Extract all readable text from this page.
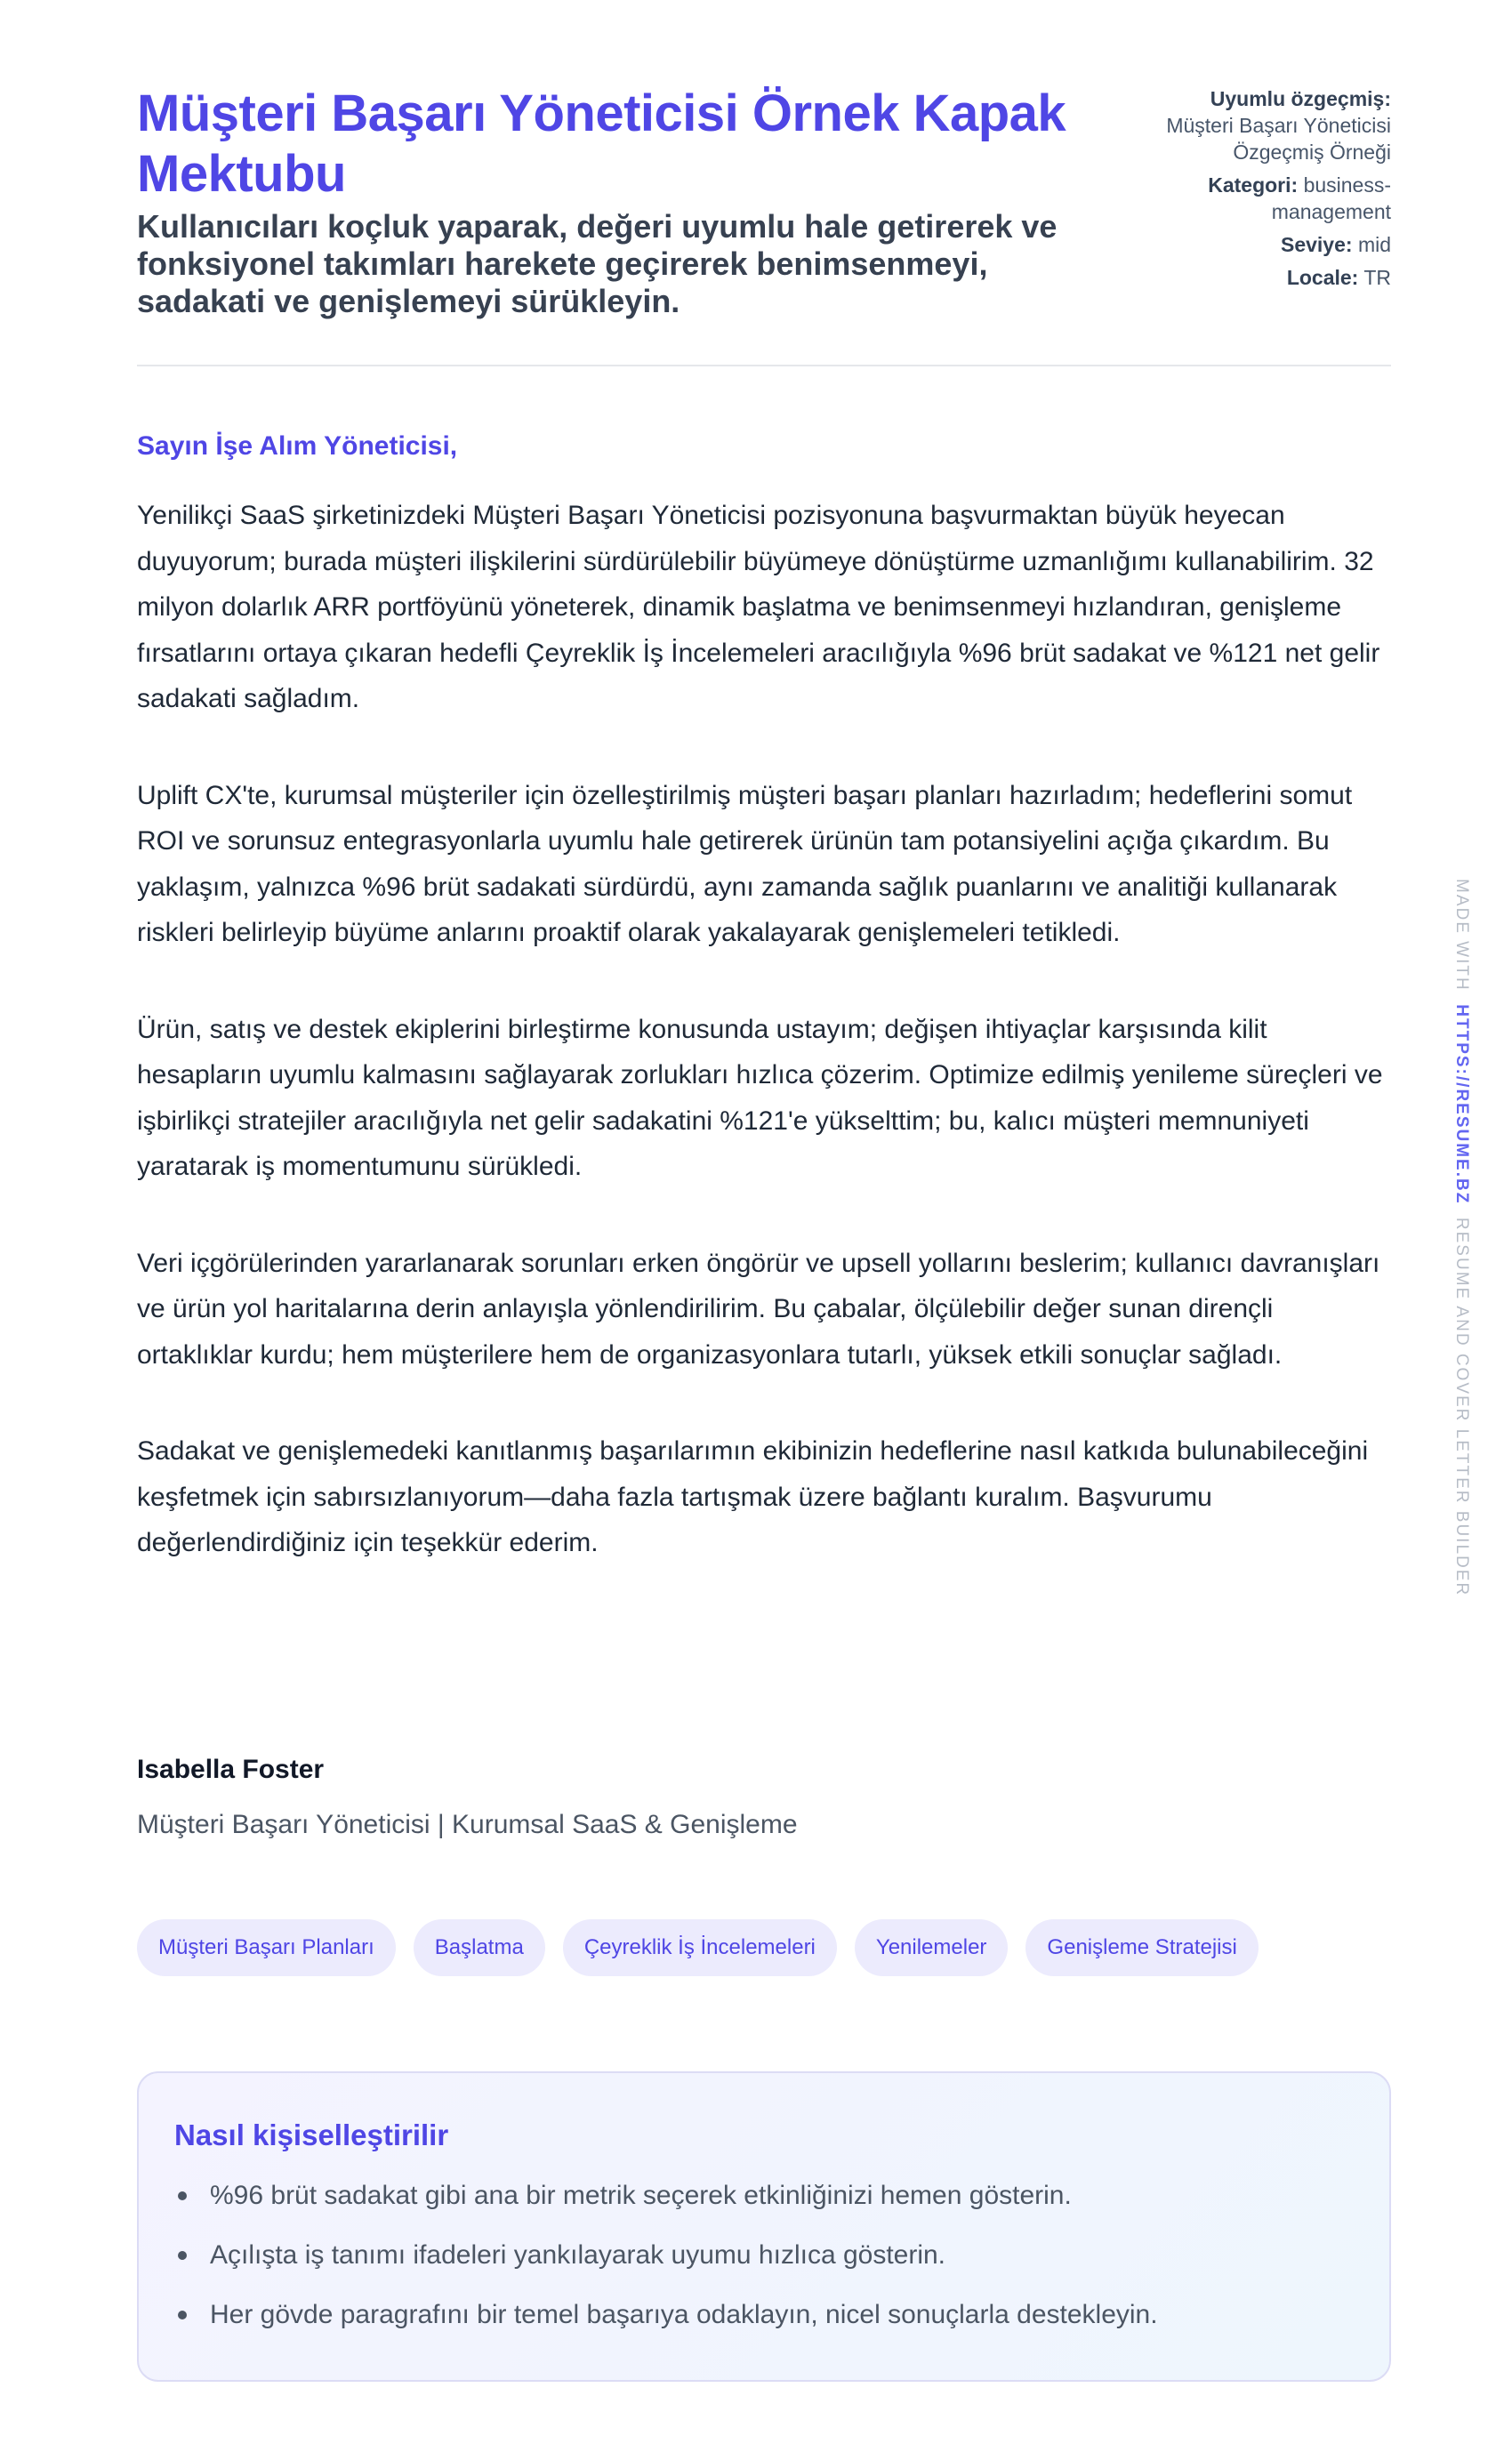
Müşteri Başarı Yöneticisi Örnek Kapak Mektubu
Kullanıcıları koçluk yaparak, değeri uyumlu hale getirerek ve fonksiyonel takımları harekete geçirerek benimsenmeyi, sadakati ve genişlemeyi sürükleyin.
Uyumlu özgeçmiş:
Müşteri Başarı Yöneticisi Özgeçmiş Örneği
Kategori: business-management
Seviye: mid
Locale: TR
Sayın İşe Alım Yöneticisi,

Yenilikçi SaaS şirketinizdeki Müşteri Başarı Yöneticisi pozisyonuna başvurmaktan büyük heyecan duyuyorum; burada müşteri ilişkilerini sürdürülebilir büyümeye dönüştürme uzmanlığımı kullanabilirim. 32 milyon dolarlık ARR portföyünü yöneterek, dinamik başlatma ve benimsenmeyi hızlandıran, genişleme fırsatlarını ortaya çıkaran hedefli Çeyreklik İş İncelemeleri aracılığıyla %96 brüt sadakat ve %121 net gelir sadakati sağladım.

Uplift CX'te, kurumsal müşteriler için özelleştirilmiş müşteri başarı planları hazırladım; hedeflerini somut ROI ve sorunsuz entegrasyonlarla uyumlu hale getirerek ürünün tam potansiyelini açığa çıkardım. Bu yaklaşım, yalnızca %96 brüt sadakati sürdürdü, aynı zamanda sağlık puanlarını ve analitiği kullanarak riskleri belirleyip büyüme anlarını proaktif olarak yakalayarak genişlemeleri tetikledi.

Ürün, satış ve destek ekiplerini birleştirme konusunda ustayım; değişen ihtiyaçlar karşısında kilit hesapların uyumlu kalmasını sağlayarak zorlukları hızlıca çözerim. Optimize edilmiş yenileme süreçleri ve işbirlikçi stratejiler aracılığıyla net gelir sadakatini %121'e yükselttim; bu, kalıcı müşteri memnuniyeti yaratarak iş momentumunu sürükledi.

Veri içgörülerinden yararlanarak sorunları erken öngörür ve upsell yollarını beslerim; kullanıcı davranışları ve ürün yol haritalarına derin anlayışla yönlendirilirim. Bu çabalar, ölçülebilir değer sunan dirençli ortaklıklar kurdu; hem müşterilere hem de organizasyonlara tutarlı, yüksek etkili sonuçlar sağladı.

Sadakat ve genişlemedeki kanıtlanmış başarılarımın ekibinizin hedeflerine nasıl katkıda bulunabileceğini keşfetmek için sabırsızlanıyorum—daha fazla tartışmak üzere bağlantı kuralım. Başvurumu değerlendirdiğiniz için teşekkür ederim.

Isabella Foster
Müşteri Başarı Yöneticisi | Kurumsal SaaS & Genişleme
Müşteri Başarı Planları	Başlatma	Çeyreklik İş İncelemeleri	Yenilemeler	Genişleme Stratejisi
Nasıl kişiselleştirilir
%96 brüt sadakat gibi ana bir metrik seçerek etkinliğinizi hemen gösterin.
Açılışta iş tanımı ifadeleri yankılayarak uyumu hızlıca gösterin.
Her gövde paragrafını bir temel başarıya odaklayın, nicel sonuçlarla destekleyin.
MADE WITH  HTTPS://RESUME.BZ  RESUME AND COVER LETTER BUILDER
